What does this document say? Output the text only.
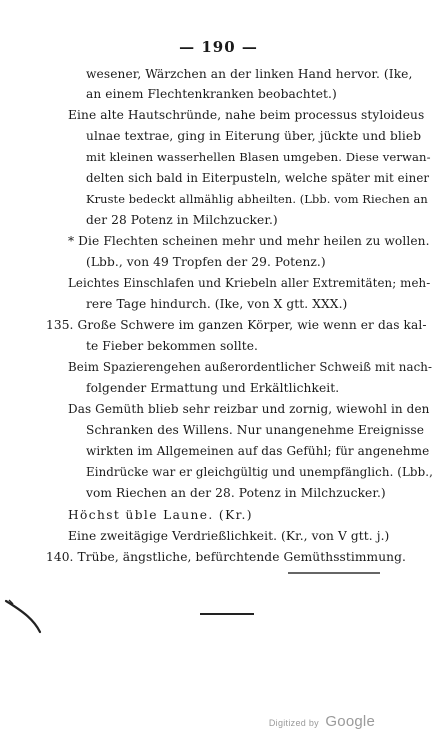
— 190 —
wesener, Wärzchen an der linken Hand hervor. (Ike,
an einem Flechtenkranken beobachtet.)
Eine alte Hautschründe, nahe beim processus styloideus
ulnae textrae, ging in Eiterung über, jückte und blieb
mit kleinen wasserhellen Blasen umgeben. Diese verwan-
delten sich bald in Eiterpusteln, welche später mit einer
Kruste bedeckt allmählig abheilten. (Lbb. vom Riechen an
der 28 Potenz in Milchzucker.)
* Die Flechten scheinen mehr und mehr heilen zu wollen.
(Lbb., von 49 Tropfen der 29. Potenz.)
Leichtes Einschlafen und Kriebeln aller Extremitäten; meh-
rere Tage hindurch. (Ike, von X gtt. XXX.)
135. Große Schwere im ganzen Körper, wie wenn er das kal-
te Fieber bekommen sollte.
Beim Spazierengehen außerordentlicher Schweiß mit nach-
folgender Ermattung und Erkältlichkeit.
Das Gemüth blieb sehr reizbar und zornig, wiewohl in den
Schranken des Willens. Nur unangenehme Ereignisse
wirkten im Allgemeinen auf das Gefühl; für angenehme
Eindrücke war er gleichgültig und unempfänglich. (Lbb.,
vom Riechen an der 28. Potenz in Milchzucker.)
Höchst üble Laune. (Kr.)
Eine zweitägige Verdrießlichkeit. (Kr., von V gtt. j.)
140. Trübe, ängstliche, befürchtende Gemüthsstimmung.
Digitized by Google
